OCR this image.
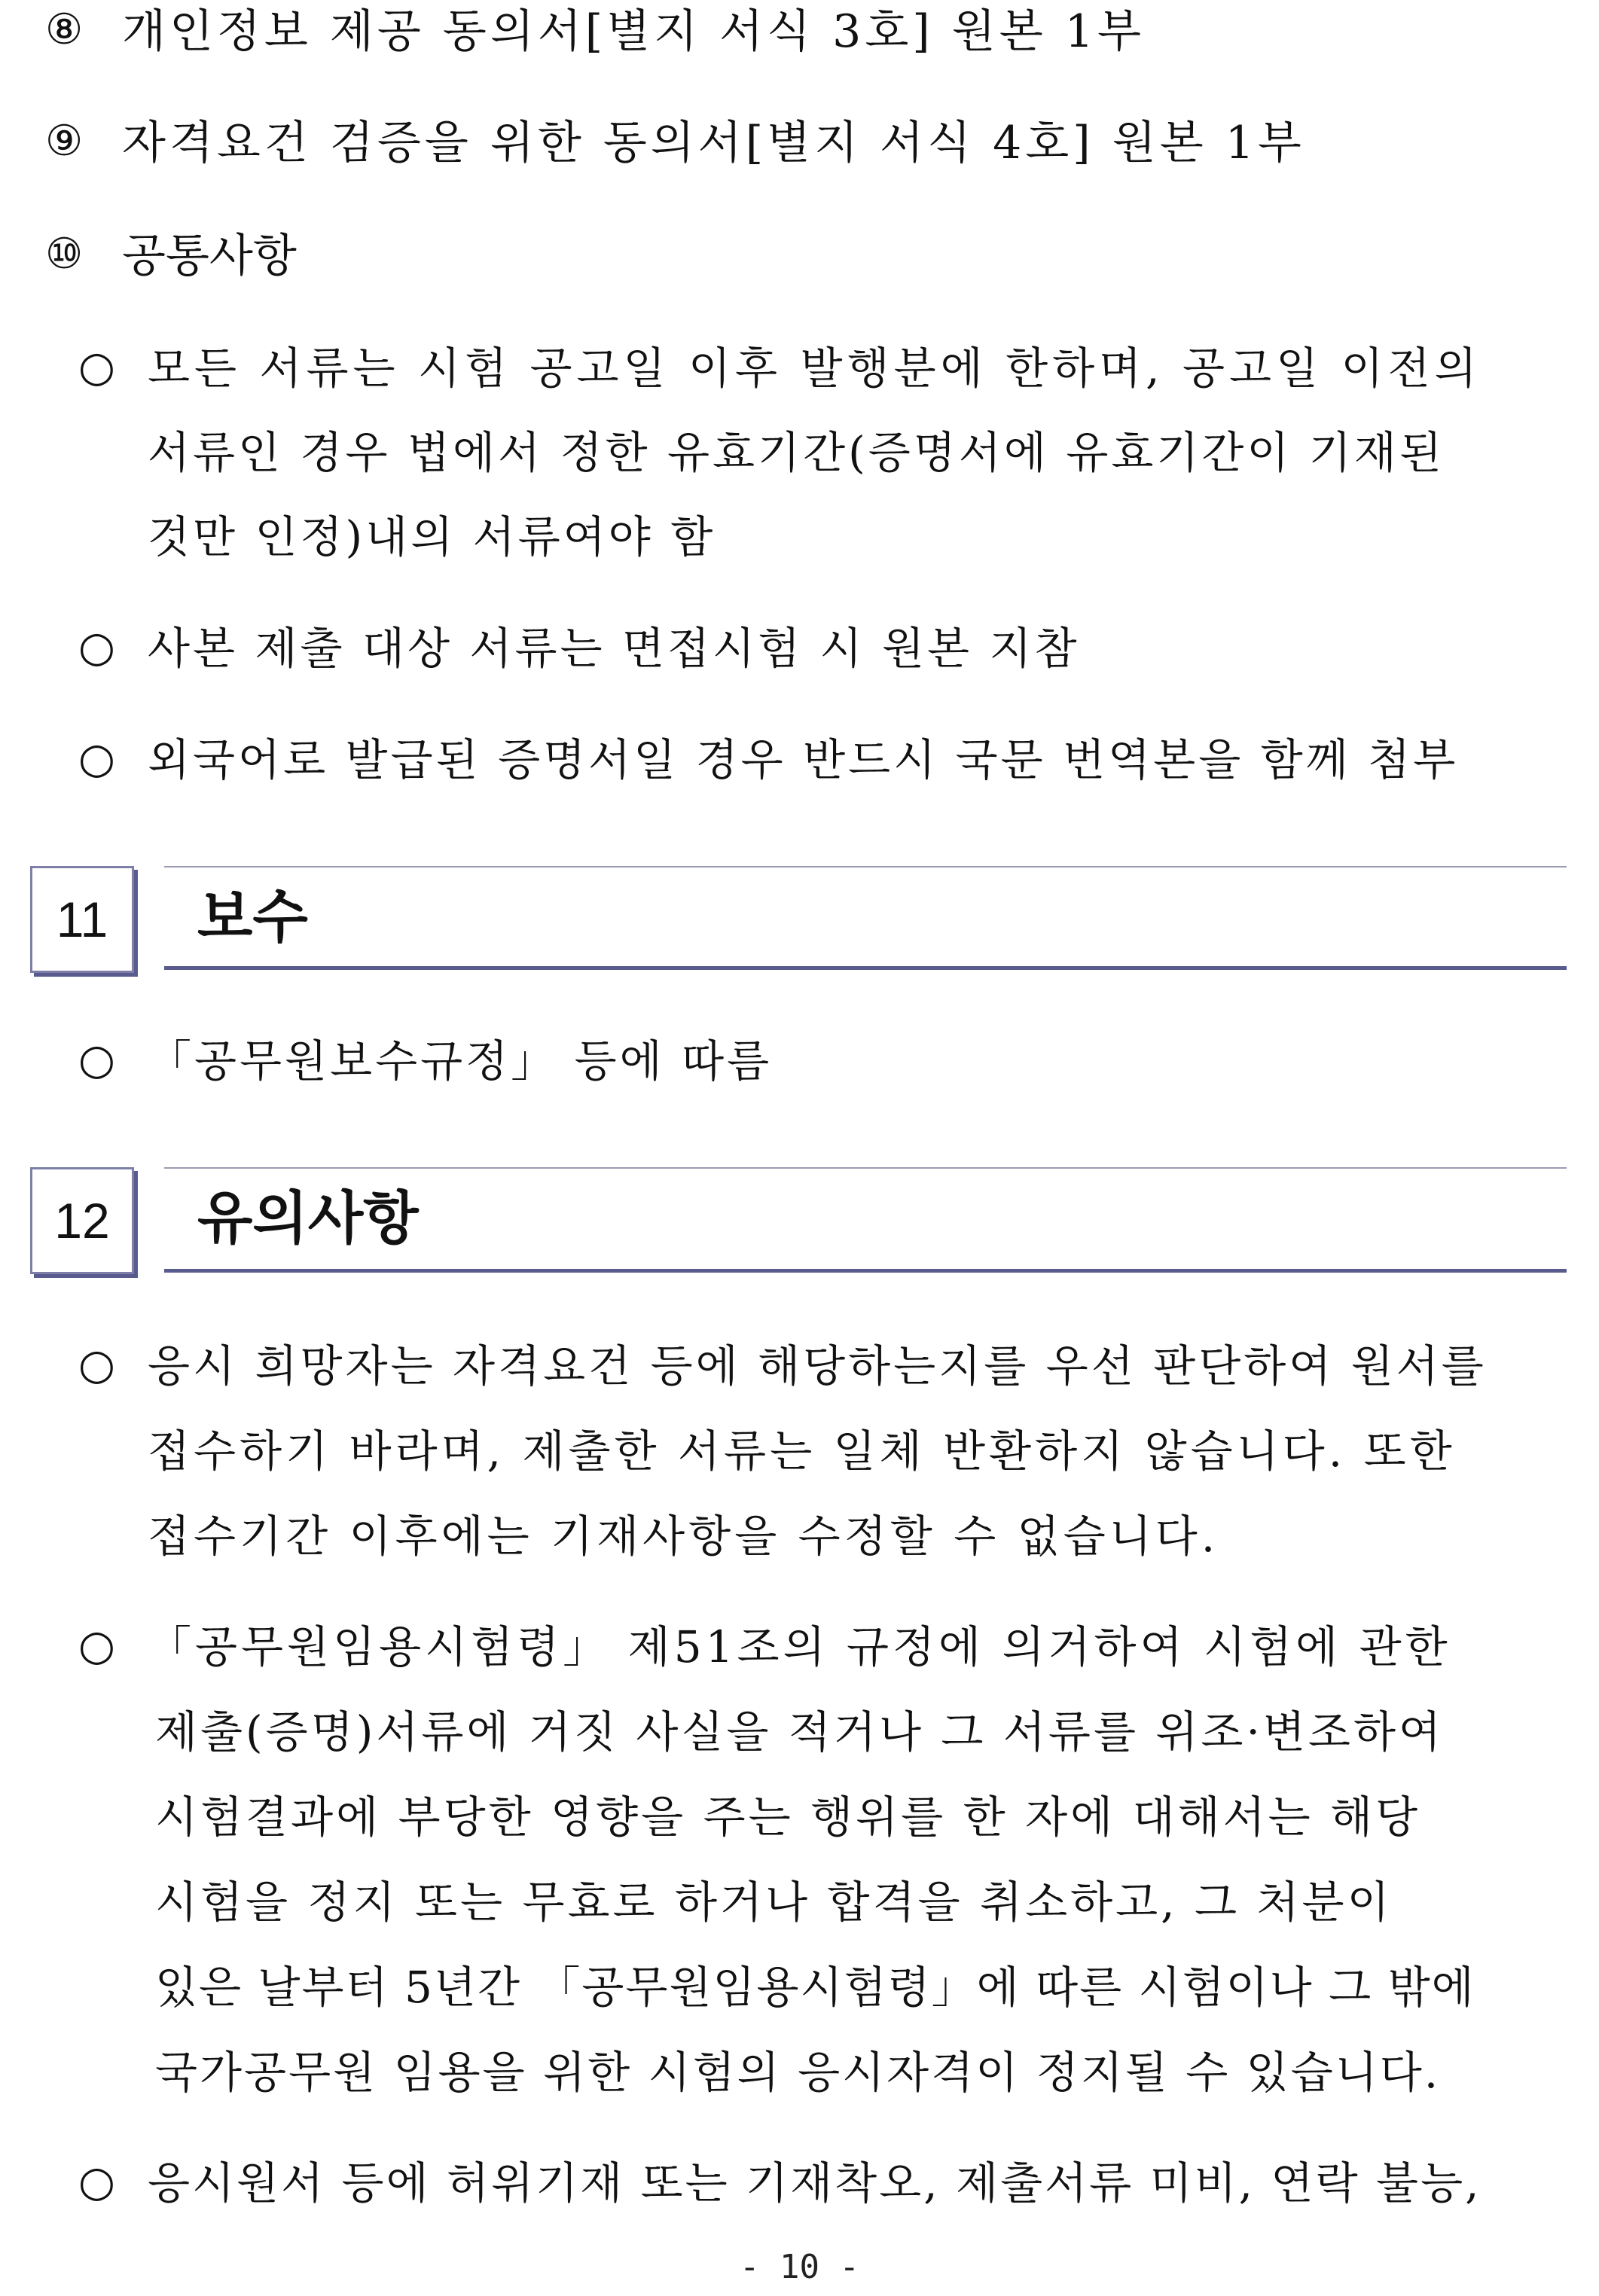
⑧ 개인정보 제공 동의서[별지 서식 3호] 원본 1부
⑨ 자격요건 검증을 위한 동의서[별지 서식 4호] 원본 1부
⑩ 공통사항
○ 모든 서류는 시험 공고일 이후 발행분에 한하며, 공고일 이전의
서류인 경우 법에서 정한 유효기간(증명서에 유효기간이 기재된
것만 인정)내의 서류여야 함
○ 사본 제출 대상 서류는 면접시험 시 원본 지참
○ 외국어로 발급된 증명서일 경우 반드시 국문 번역본을 함께 첨부
11	보수
○ 「공무원보수규정」 등에 따름
12	유의사항
○ 응시 희망자는 자격요건 등에 해당하는지를 우선 판단하여 원서를
접수하기 바라며, 제출한 서류는 일체 반환하지 않습니다. 또한
접수기간 이후에는 기재사항을 수정할 수 없습니다.
○ 「공무원임용시험령」 제51조의 규정에 의거하여 시험에 관한
제출(증명)서류에 거짓 사실을 적거나 그 서류를 위조·변조하여
시험결과에 부당한 영향을 주는 행위를 한 자에 대해서는 해당
시험을 정지 또는 무효로 하거나 합격을 취소하고, 그 처분이
있은 날부터 5년간 「공무원임용시험령」에 따른 시험이나 그 밖에
국가공무원 임용을 위한 시험의 응시자격이 정지될 수 있습니다.
○ 응시원서 등에 허위기재 또는 기재착오, 제출서류 미비, 연락 불능,
- 10 -
